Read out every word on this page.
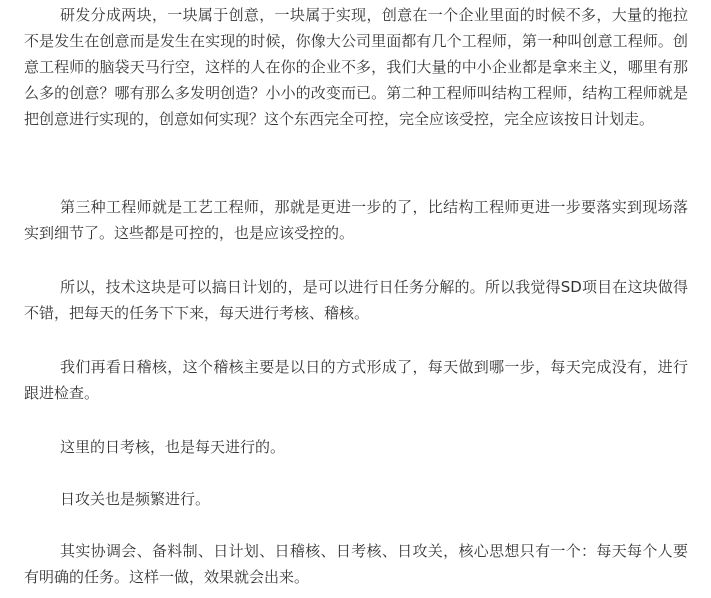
研发分成两块，一块属于创意，一块属于实现，创意在一个企业里面的时候不多，大量的拖拉不是发生在创意而是发生在实现的时候，你像大公司里面都有几个工程师，第一种叫创意工程师。创意工程师的脑袋天马行空，这样的人在你的企业不多，我们大量的中小企业都是拿来主义，哪里有那么多的创意？哪有那么多发明创造？小小的改变而已。第二种工程师叫结构工程师，结构工程师就是把创意进行实现的，创意如何实现？这个东西完全可控，完全应该受控，完全应该按日计划走。

第三种工程师就是工艺工程师，那就是更进一步的了，比结构工程师更进一步要落实到现场落实到细节了。这些都是可控的，也是应该受控的。

所以，技术这块是可以搞日计划的，是可以进行日任务分解的。所以我觉得SD项目在这块做得不错，把每天的任务下下来，每天进行考核、稽核。

我们再看日稽核，这个稽核主要是以日的方式形成了，每天做到哪一步，每天完成没有，进行跟进检查。

这里的日考核，也是每天进行的。

日攻关也是频繁进行。

其实协调会、备料制、日计划、日稽核、日考核、日攻关，核心思想只有一个：每天每个人要有明确的任务。这样一做，效果就会出来。
